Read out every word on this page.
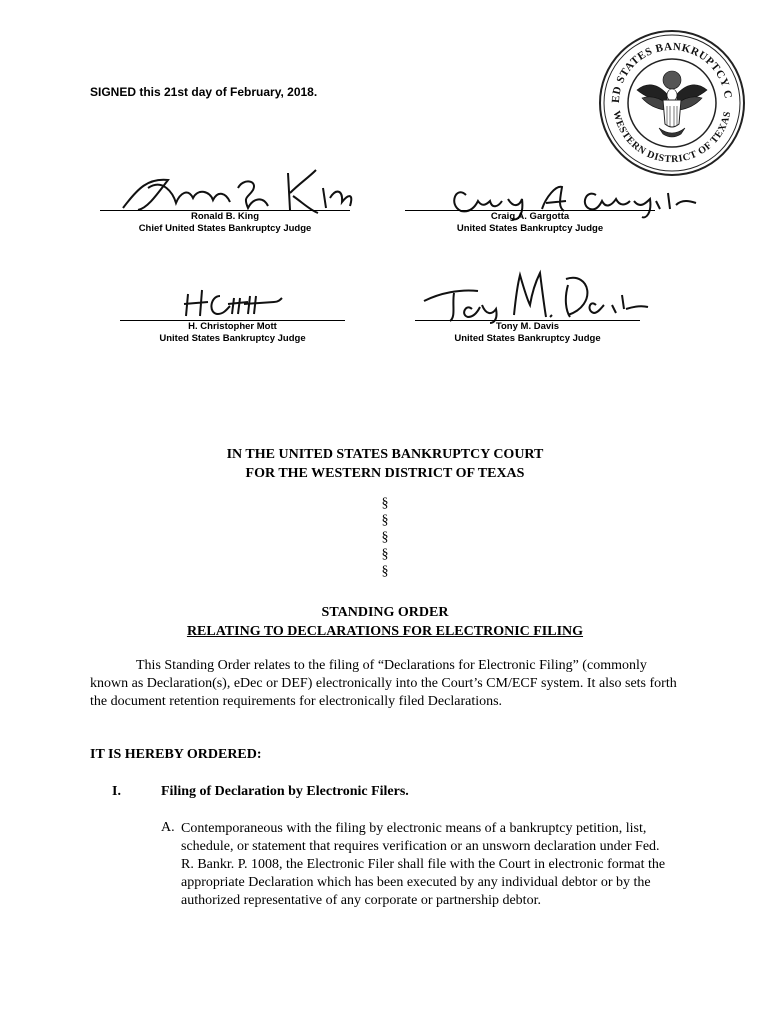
SIGNED this 21st day of February, 2018.	ED STATES BANKRUPTCY C
WESTERN DISTRICT OF TEXAS
Ronald B. King
Chief United States Bankruptcy Judge
Craig A. Gargotta
United States Bankruptcy Judge
H. Christopher Mott
United States Bankruptcy Judge
Tony M. Davis
United States Bankruptcy Judge
IN THE UNITED STATES BANKRUPTCY COURT
FOR THE WESTERN DISTRICT OF TEXAS
§
§
§
§
§
STANDING ORDER
RELATING TO DECLARATIONS FOR ELECTRONIC FILING
This Standing Order relates to the filing of “Declarations for Electronic Filing” (commonly known as Declaration(s), eDec or DEF) electronically into the Court’s CM/ECF system. It also sets forth the document retention requirements for electronically filed Declarations.
IT IS HEREBY ORDERED:
I.	Filing of Declaration by Electronic Filers.
A. Contemporaneous with the filing by electronic means of a bankruptcy petition, list, schedule, or statement that requires verification or an unsworn declaration under Fed. R. Bankr. P. 1008, the Electronic Filer shall file with the Court in electronic format the appropriate Declaration which has been executed by any individual debtor or by the authorized representative of any corporate or partnership debtor.
